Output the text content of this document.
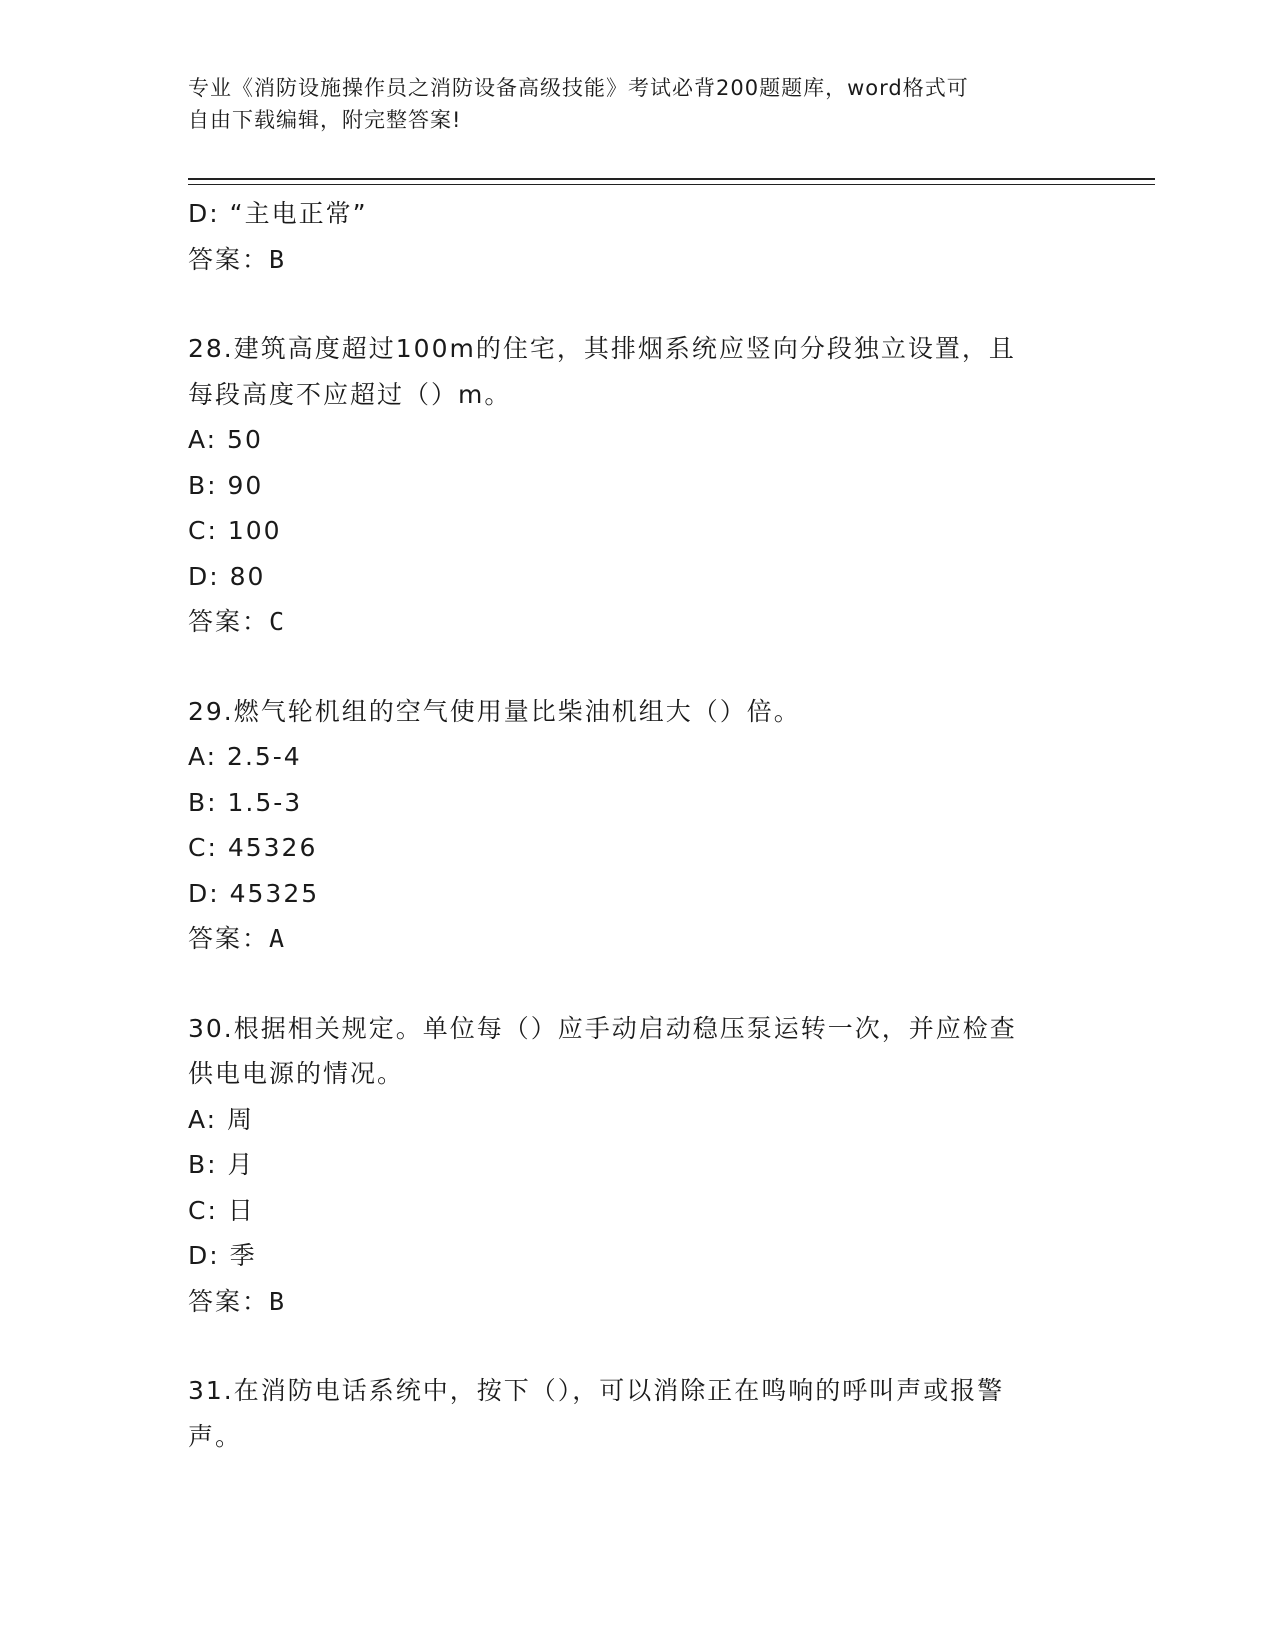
专业《消防设施操作员之消防设备高级技能》考试必背200题题库，word格式可
自由下载编辑，附完整答案!
D: “主电正常”
答案：B
28.建筑高度超过100m的住宅，其排烟系统应竖向分段独立设置，且
每段高度不应超过（）m。
A: 50
B: 90
C: 100
D: 80
答案：C
29.燃气轮机组的空气使用量比柴油机组大（）倍。
A: 2.5-4
B: 1.5-3
C: 45326
D: 45325
答案：A
30.根据相关规定。单位每（）应手动启动稳压泵运转一次，并应检查
供电电源的情况。
A: 周
B: 月
C: 日
D: 季
答案：B
31.在消防电话系统中，按下（），可以消除正在鸣响的呼叫声或报警
声。
